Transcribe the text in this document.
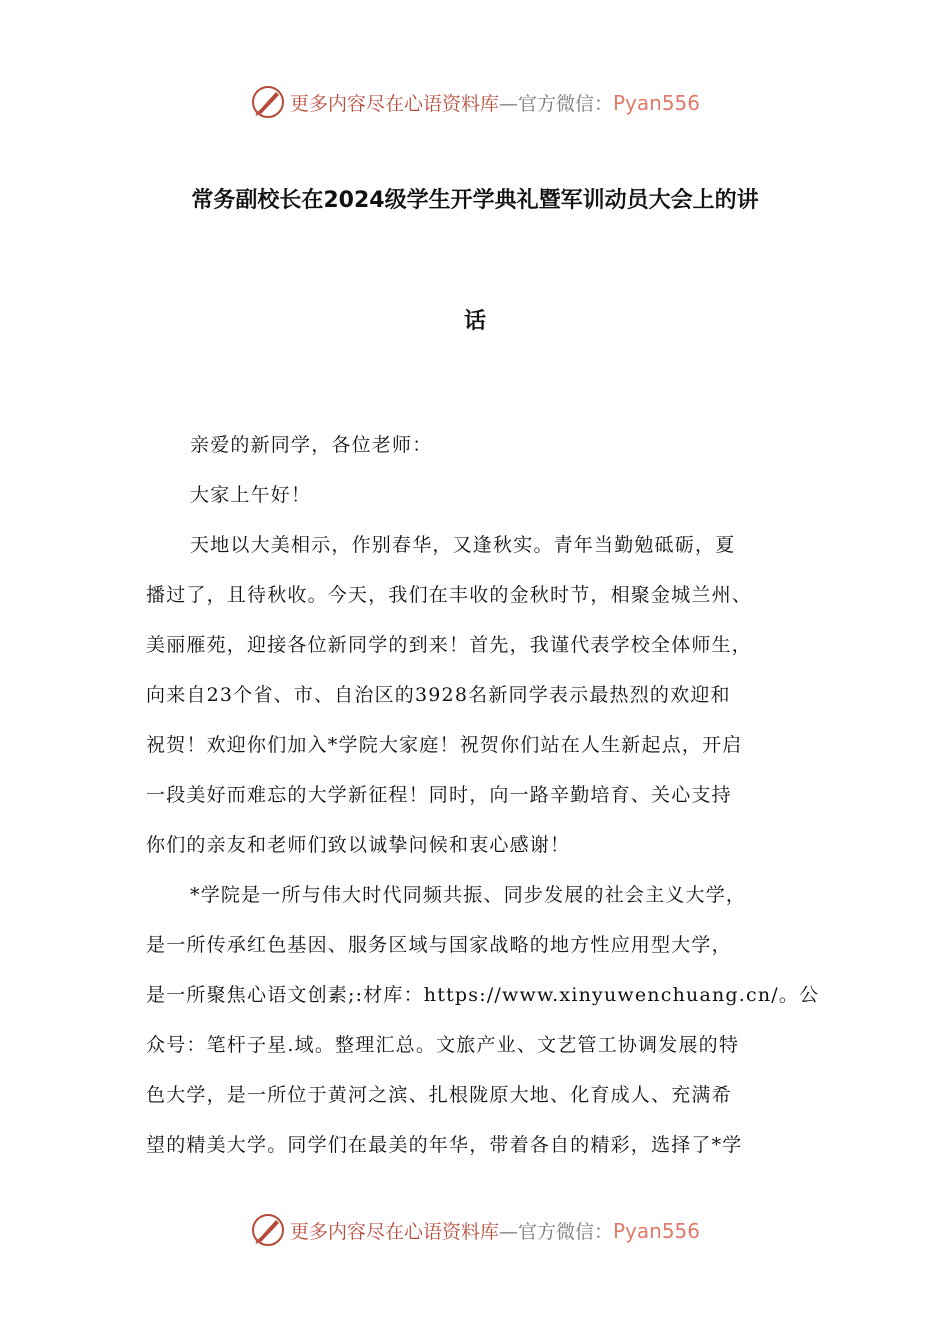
更多内容尽在心语资料库—官方微信：Pyan556
常务副校长在2024级学生开学典礼暨军训动员大会上的讲
话
亲爱的新同学，各位老师：
大家上午好！
天地以大美相示，作别春华，又逢秋实。青年当勤勉砥砺，夏
播过了，且待秋收。今天，我们在丰收的金秋时节，相聚金城兰州、
美丽雁苑，迎接各位新同学的到来！首先，我谨代表学校全体师生，
向来自23个省、市、自治区的3928名新同学表示最热烈的欢迎和
祝贺！欢迎你们加入*学院大家庭！祝贺你们站在人生新起点，开启
一段美好而难忘的大学新征程！同时，向一路辛勤培育、关心支持
你们的亲友和老师们致以诚挚问候和衷心感谢！
*学院是一所与伟大时代同频共振、同步发展的社会主义大学，
是一所传承红色基因、服务区域与国家战略的地方性应用型大学，
是一所聚焦心语文创素;:材库：https://www.xinyuwenchuang.cn/。公
众号：笔杆子星.域。整理汇总。文旅产业、文艺管工协调发展的特
色大学，是一所位于黄河之滨、扎根陇原大地、化育成人、充满希
望的精美大学。同学们在最美的年华，带着各自的精彩，选择了*学
更多内容尽在心语资料库—官方微信：Pyan556
